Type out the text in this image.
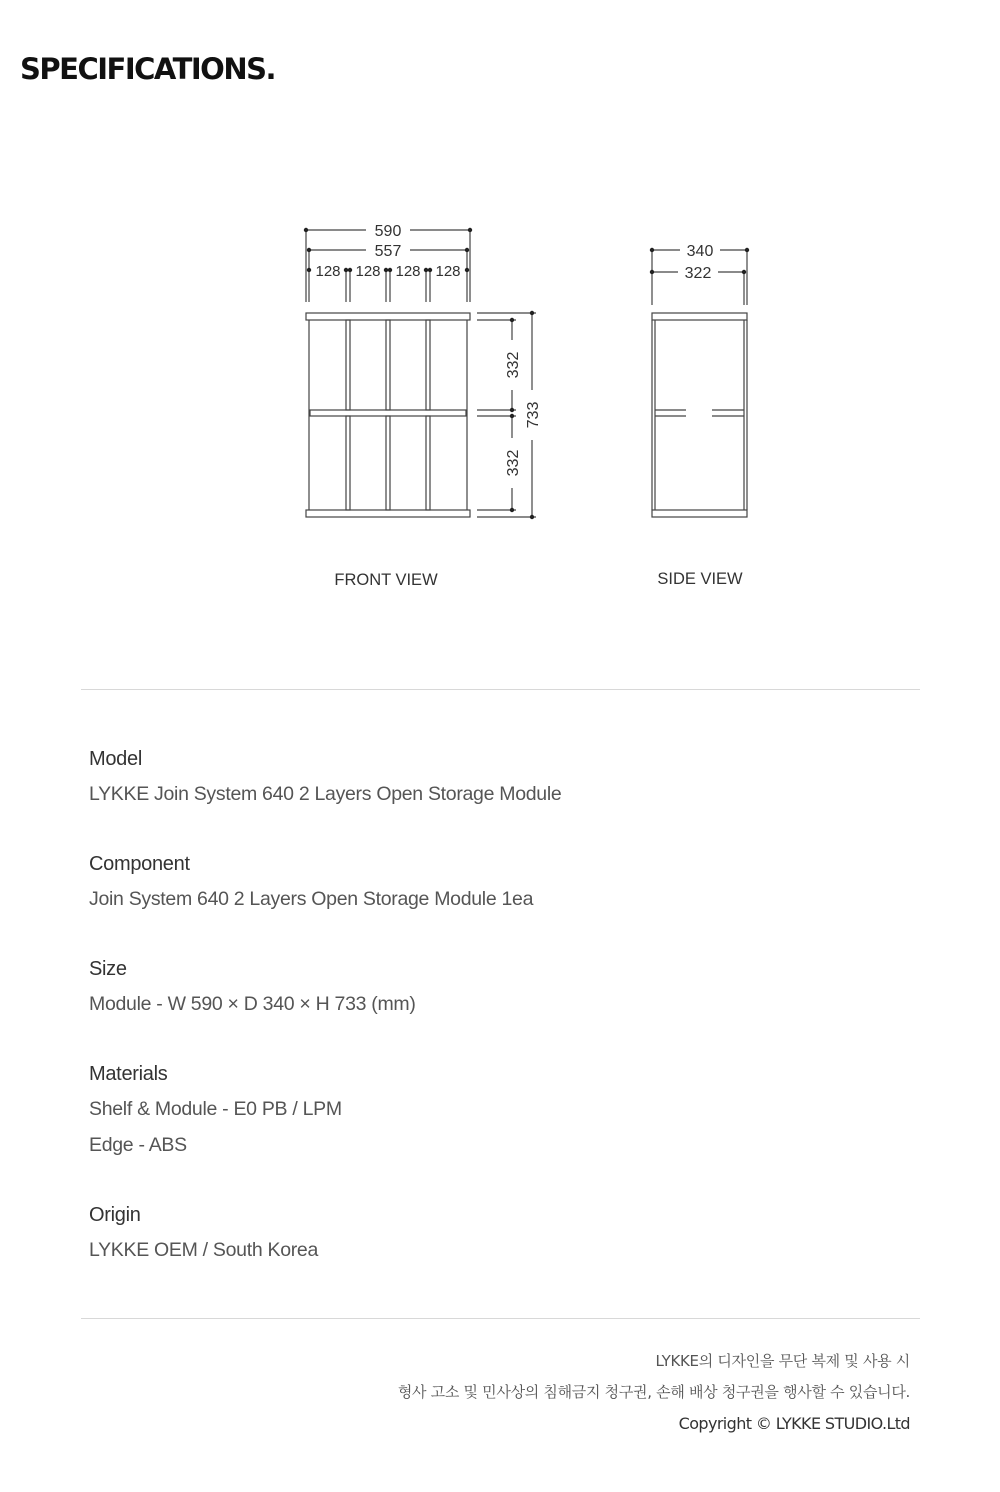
SPECIFICATIONS.
590
557
128 128 128 128
332
332
733
340
322
FRONT VIEW	SIDE VIEW
Model
LYKKE Join System 640 2 Layers Open Storage Module
Component
Join System 640 2 Layers Open Storage Module 1ea
Size
Module - W 590 × D 340 × H 733 (mm)
Materials
Shelf & Module - E0 PB / LPM
Edge - ABS
Origin
LYKKE OEM / South Korea
LYKKE의 디자인을 무단 복제 및 사용 시
형사 고소 및 민사상의 침해금지 청구권, 손해 배상 청구권을 행사할 수 있습니다.
Copyright © LYKKE STUDIO.Ltd
